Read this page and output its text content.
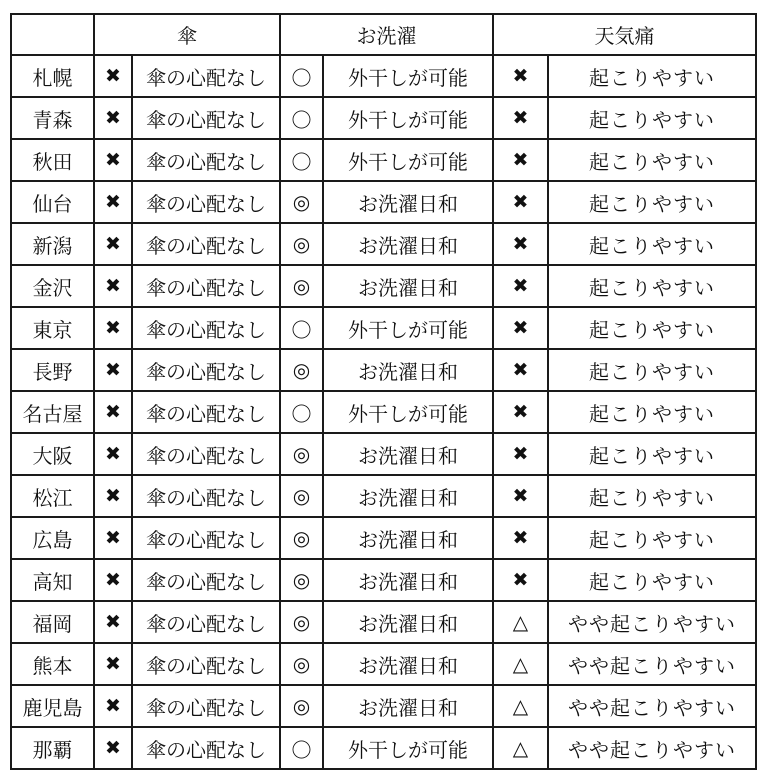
	傘		お洗濯		天気痛	
札幌	✖	傘の心配なし	〇	外干しが可能	✖	起こりやすい
青森	✖	傘の心配なし	〇	外干しが可能	✖	起こりやすい
秋田	✖	傘の心配なし	〇	外干しが可能	✖	起こりやすい
仙台	✖	傘の心配なし	◎	お洗濯日和	✖	起こりやすい
新潟	✖	傘の心配なし	◎	お洗濯日和	✖	起こりやすい
金沢	✖	傘の心配なし	◎	お洗濯日和	✖	起こりやすい
東京	✖	傘の心配なし	〇	外干しが可能	✖	起こりやすい
長野	✖	傘の心配なし	◎	お洗濯日和	✖	起こりやすい
名古屋	✖	傘の心配なし	〇	外干しが可能	✖	起こりやすい
大阪	✖	傘の心配なし	◎	お洗濯日和	✖	起こりやすい
松江	✖	傘の心配なし	◎	お洗濯日和	✖	起こりやすい
広島	✖	傘の心配なし	◎	お洗濯日和	✖	起こりやすい
高知	✖	傘の心配なし	◎	お洗濯日和	✖	起こりやすい
福岡	✖	傘の心配なし	◎	お洗濯日和	△	やや起こりやすい
熊本	✖	傘の心配なし	◎	お洗濯日和	△	やや起こりやすい
鹿児島	✖	傘の心配なし	◎	お洗濯日和	△	やや起こりやすい
那覇	✖	傘の心配なし	〇	外干しが可能	△	やや起こりやすい
